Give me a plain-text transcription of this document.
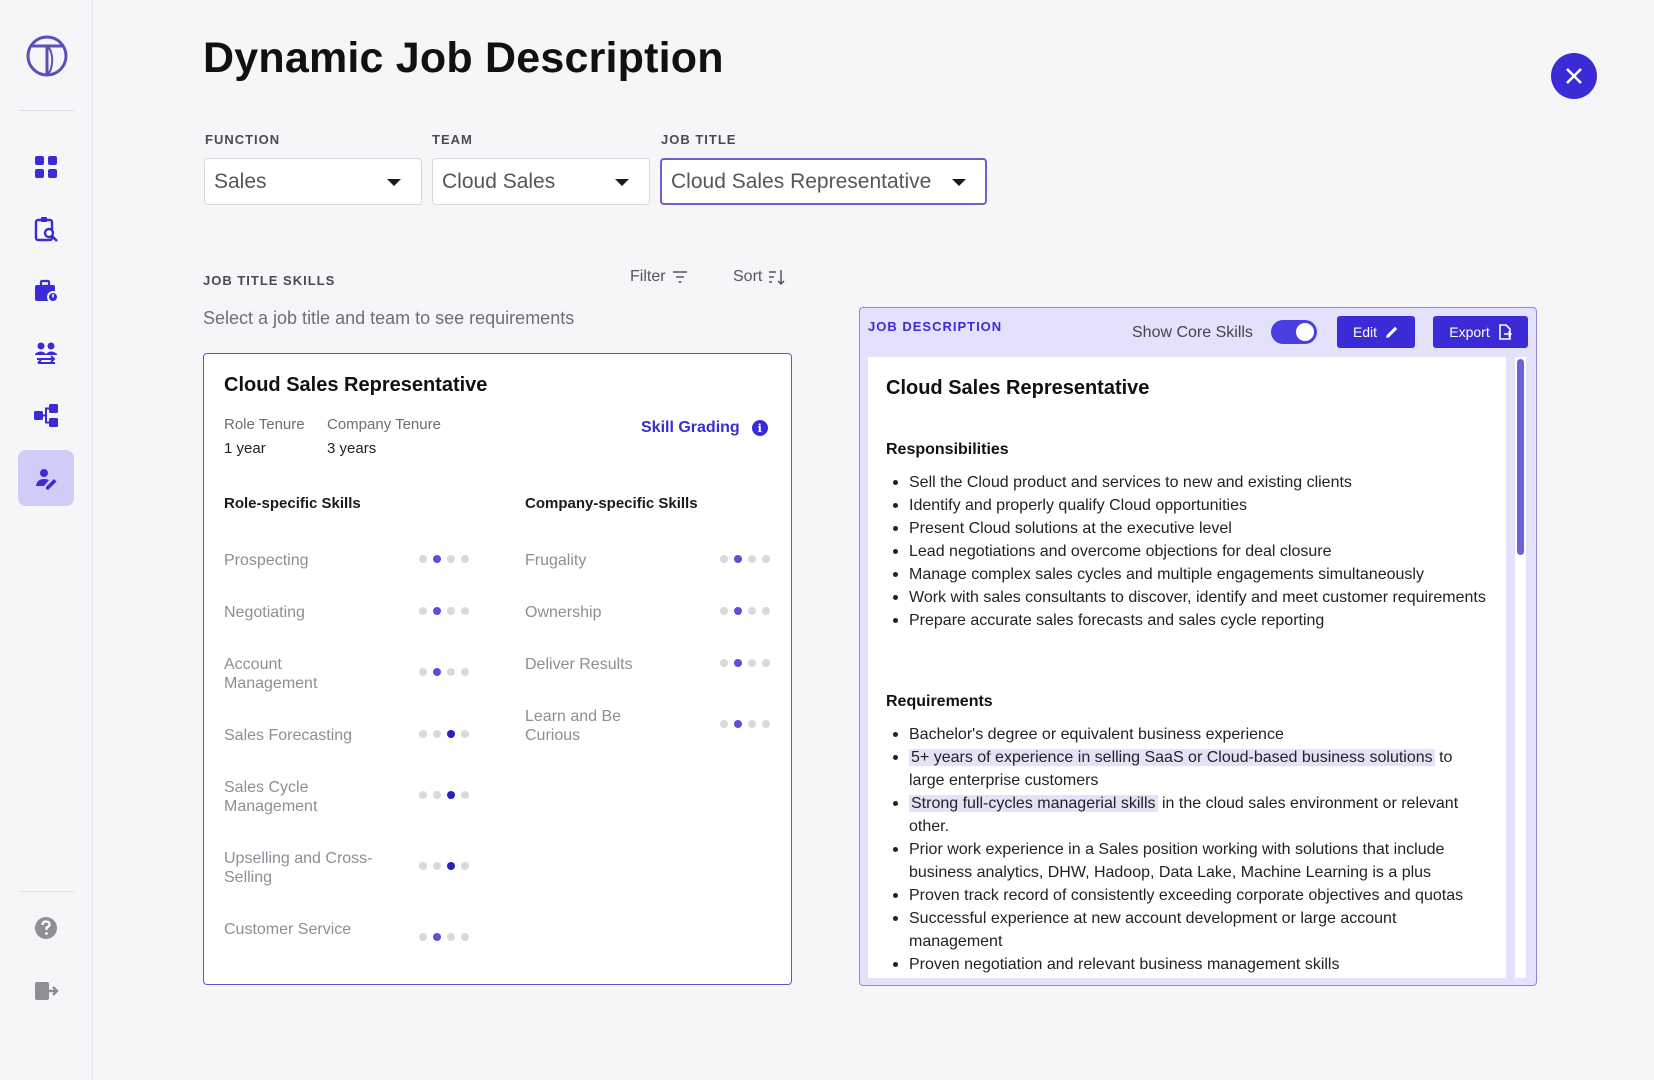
Dynamic Job Description
FUNCTION
Sales
TEAM
Cloud Sales
JOB TITLE
Cloud Sales Representative
JOB TITLE SKILLS	Filter	Sort
Select a job title and team to see requirements
Cloud Sales Representative
Role Tenure
1 year
Company Tenure
3 years
Skill Grading	i
Role-specific Skills	Company-specific Skills
Prospecting
Negotiating
Account Management
Sales Forecasting
Sales Cycle Management
Upselling and Cross-Selling
Customer Service
Frugality
Ownership
Deliver Results
Learn and Be Curious
JOB DESCRIPTION	Show Core Skills	Edit	Export
Cloud Sales Representative
Responsibilities
Sell the Cloud product and services to new and existing clients
Identify and properly qualify Cloud opportunities
Present Cloud solutions at the executive level
Lead negotiations and overcome objections for deal closure
Manage complex sales cycles and multiple engagements simultaneously
Work with sales consultants to discover, identify and meet customer requirements
Prepare accurate sales forecasts and sales cycle reporting
Requirements
Bachelor's degree or equivalent business experience
5+ years of experience in selling SaaS or Cloud-based business solutions to large enterprise customers
Strong full-cycles managerial skills in the cloud sales environment or relevant other.
Prior work experience in a Sales position working with solutions that include business analytics, DHW, Hadoop, Data Lake, Machine Learning is a plus
Proven track record of consistently exceeding corporate objectives and quotas
Successful experience at new account development or large account management
Proven negotiation and relevant business management skills
